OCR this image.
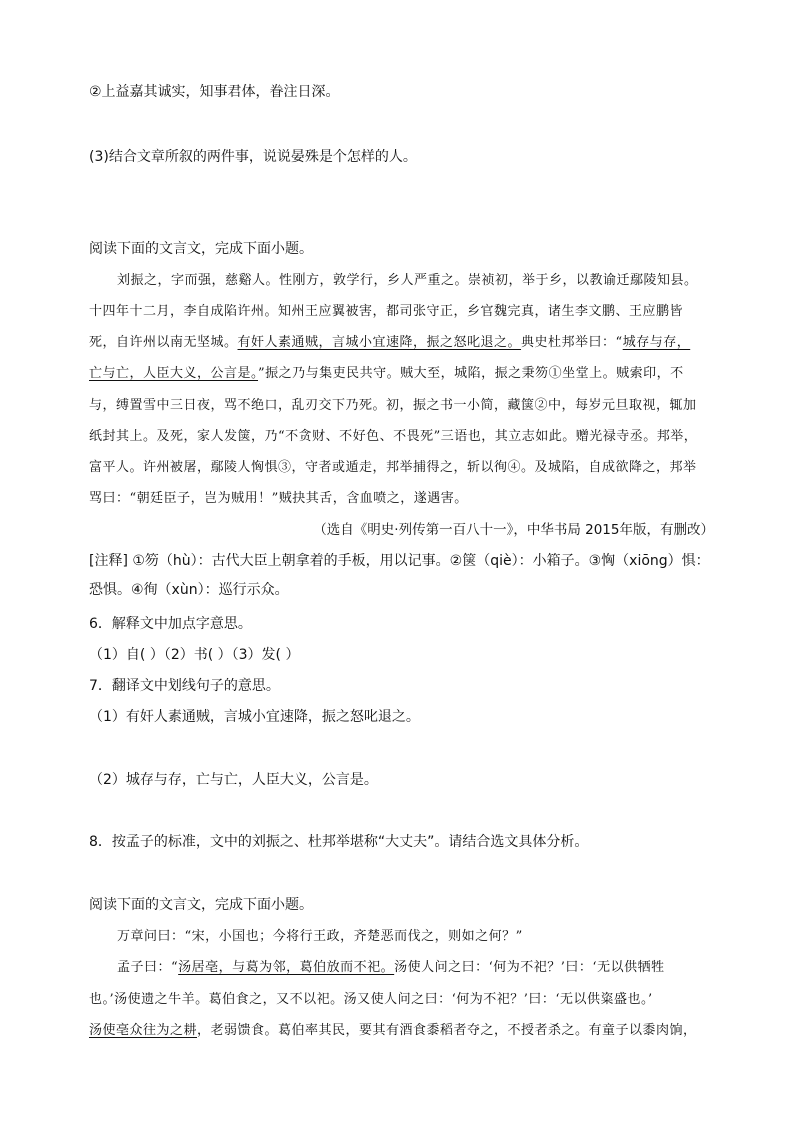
②上益嘉其诚实，知事君体，眷注日深。
(3)结合文章所叙的两件事，说说晏殊是个怎样的人。
阅读下面的文言文，完成下面小题。
刘振之，字而强，慈谿人。性刚方，敦学行，乡人严重之。崇祯初，举于乡，以教谕迁鄢陵知县。
十四年十二月，李自成陷许州。知州王应翼被害，都司张守正，乡官魏完真，诸生李文鹏、王应鹏皆
死，自许州以南无坚城。有奸人素通贼，言城小宜速降，振之怒叱退之。典史杜邦举曰：“城存与存，
亡与亡，人臣大义，公言是。”振之乃与集吏民共守。贼大至，城陷，振之秉笏①坐堂上。贼索印，不
与，缚置雪中三日夜，骂不绝口，乱刃交下乃死。初，振之书一小简，藏箧②中，每岁元旦取视，辄加
纸封其上。及死，家人发箧，乃“不贪财、不好色、不畏死”三语也，其立志如此。赠光禄寺丞。邦举，
富平人。许州被屠，鄢陵人恟惧③，守者或遁走，邦举捕得之，斩以徇④。及城陷，自成欲降之，邦举
骂曰：“朝廷臣子，岂为贼用！”贼抉其舌，含血喷之，遂遇害。
（选自《明史·列传第一百八十一》，中华书局 2015年版，有删改）
[注释] ①笏（hù）：古代大臣上朝拿着的手板，用以记事。②箧（qiè）：小箱子。③恟（xiōng）惧：
恐惧。④徇（xùn）：巡行示众。
6．解释文中加点字意思。
（1）自( ）（2）书( ）（3）发( ）
7．翻译文中划线句子的意思。
（1）有奸人素通贼，言城小宜速降，振之怒叱退之。
（2）城存与存，亡与亡，人臣大义，公言是。
8．按孟子的标准，文中的刘振之、杜邦举堪称“大丈夫”。请结合选文具体分析。
阅读下面的文言文，完成下面小题。
万章问曰：“宋，小国也；今将行王政，齐楚恶而伐之，则如之何？”
孟子曰：“汤居亳，与葛为邻，葛伯放而不祀。汤使人问之曰：‘何为不祀？’曰：‘无以供牺牲
也。’汤使遗之牛羊。葛伯食之，又不以祀。汤又使人问之曰：‘何为不祀？’曰：‘无以供粢盛也。’
汤使亳众往为之耕，老弱馈食。葛伯率其民，要其有酒食黍稻者夺之，不授者杀之。有童子以黍肉饷，
